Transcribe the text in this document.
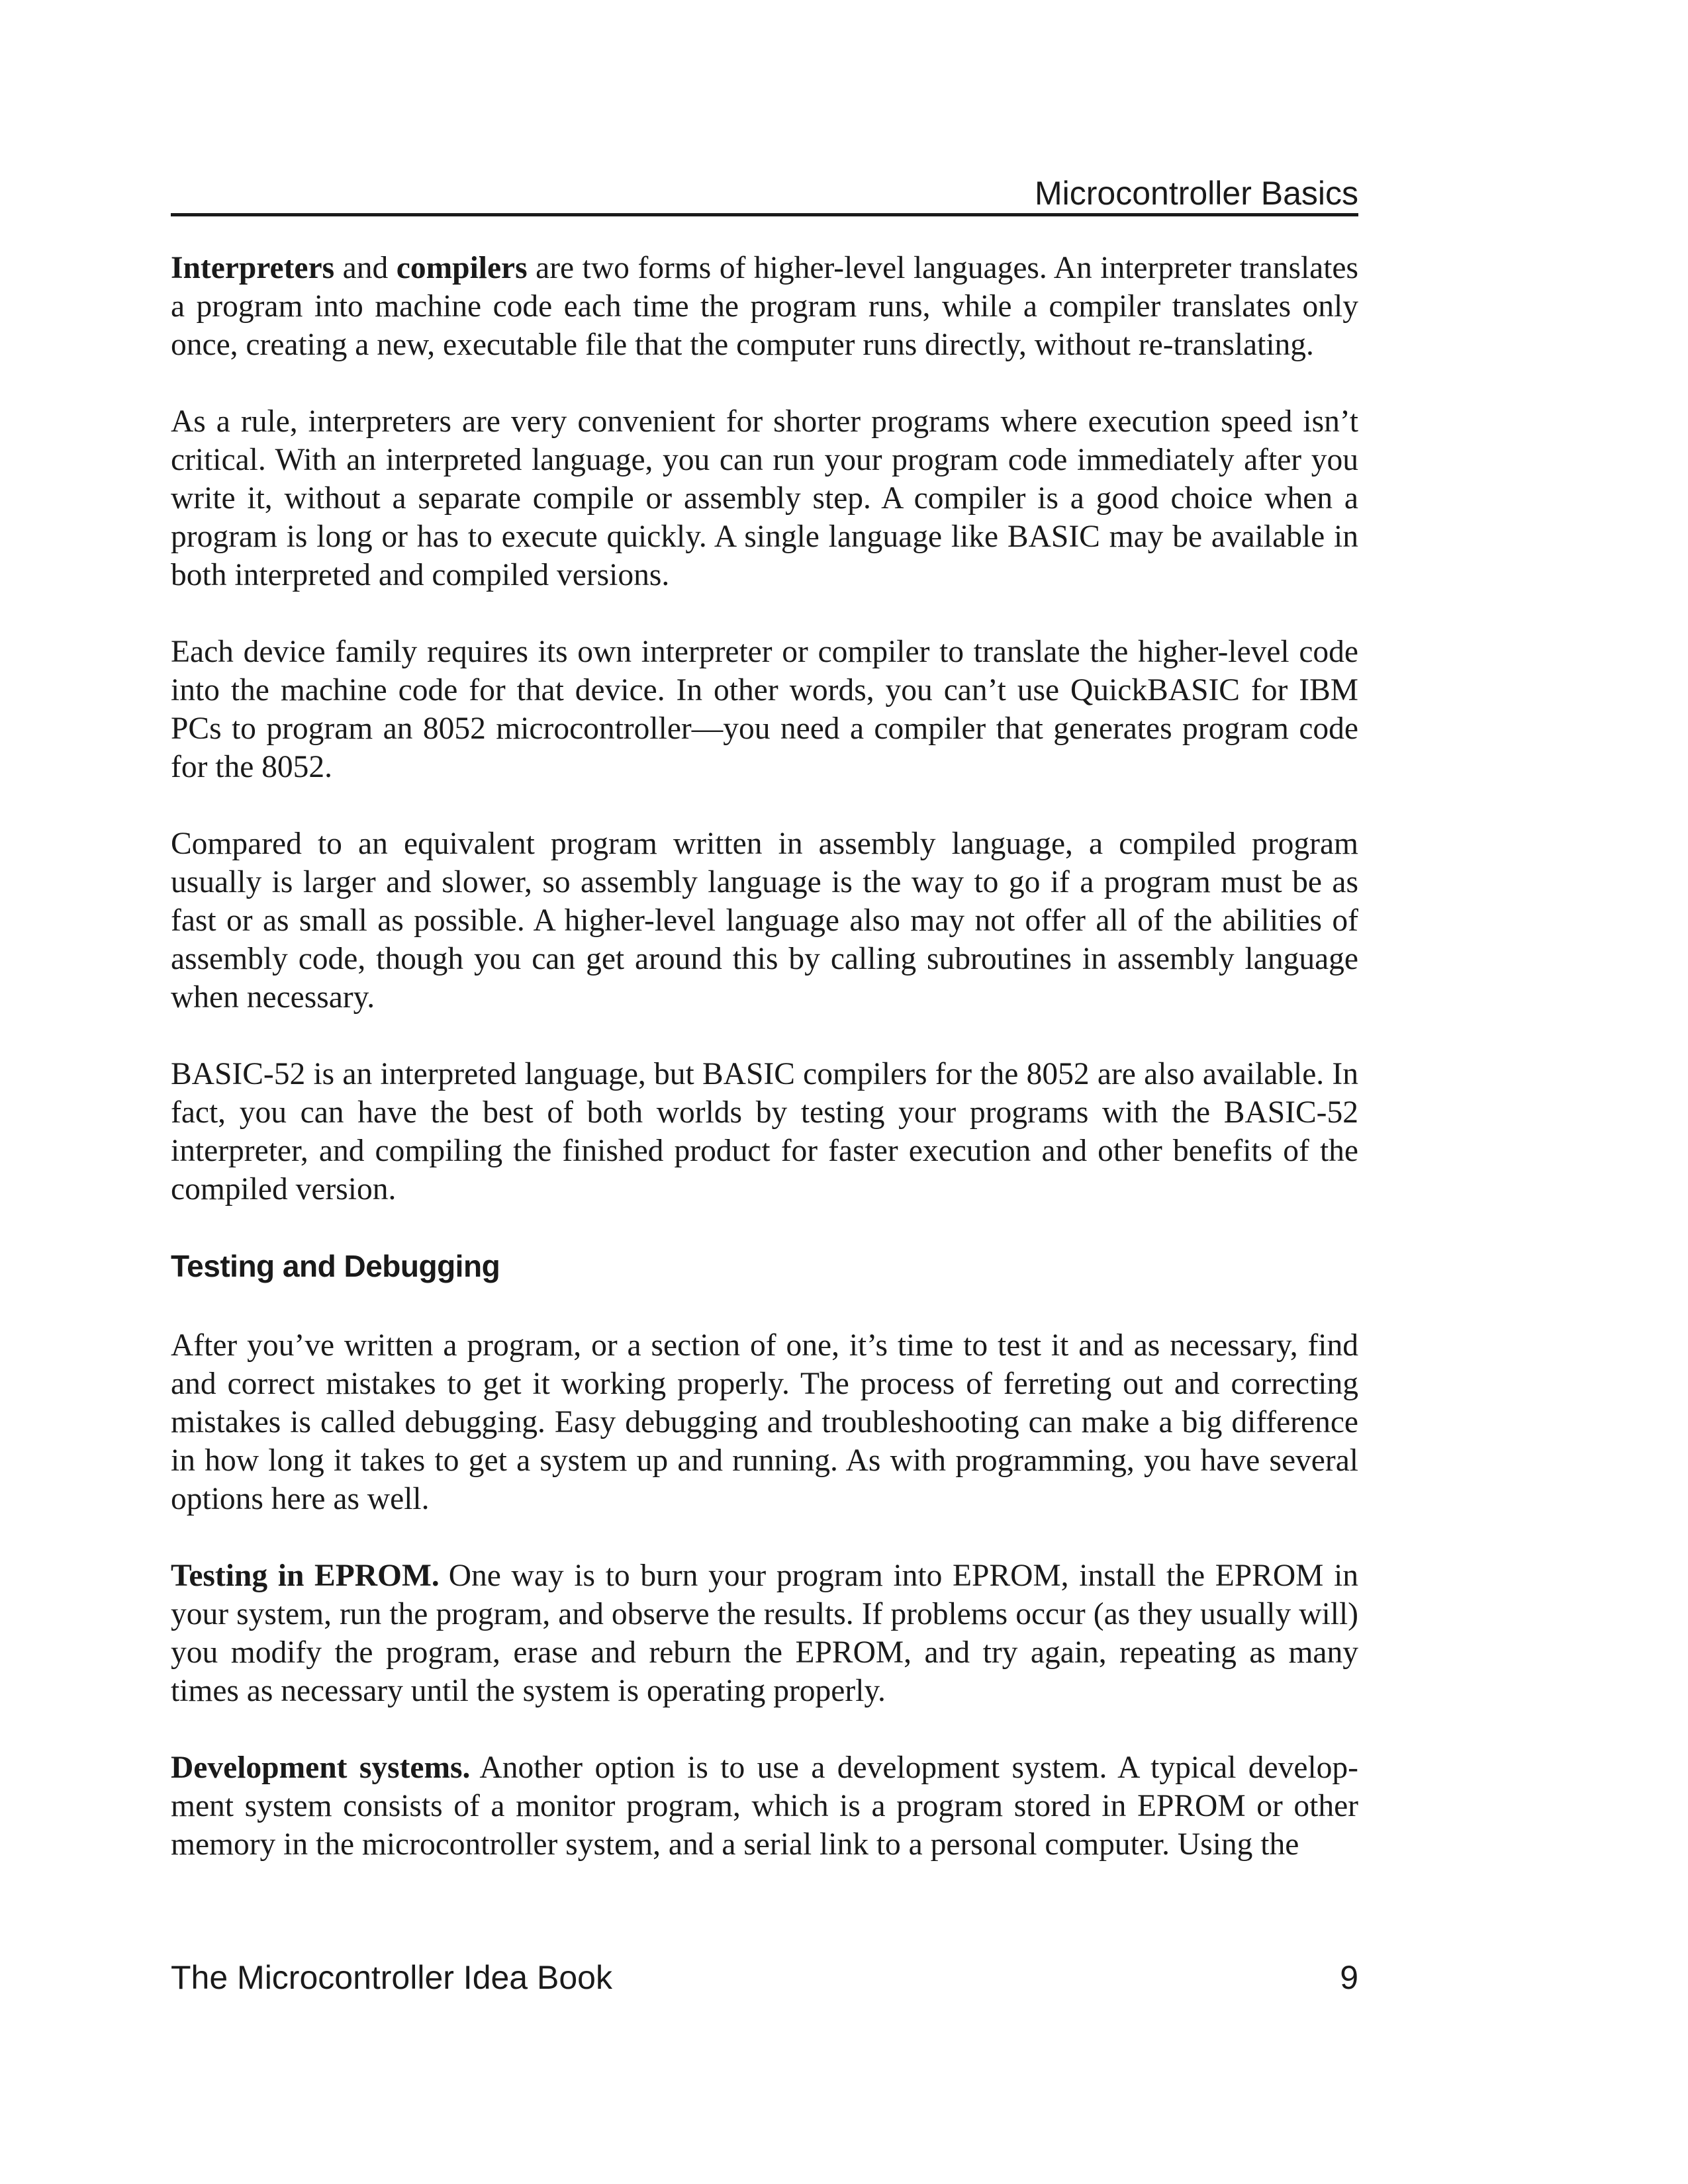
Microcontroller Basics

Interpreters and compilers are two forms of higher-level languages. An interpreter translates a program into machine code each time the program runs, while a compiler translates only once, creating a new, executable file that the computer runs directly, without re-translating.

As a rule, interpreters are very convenient for shorter programs where execution speed isn’t critical. With an interpreted language, you can run your program code immediately after you write it, without a separate compile or assembly step. A compiler is a good choice when a program is long or has to execute quickly. A single language like BASIC may be available in both interpreted and compiled versions.

Each device family requires its own interpreter or compiler to translate the higher-level code into the machine code for that device. In other words, you can’t use QuickBASIC for IBM PCs to program an 8052 microcontroller—you need a compiler that generates program code for the 8052.

Compared to an equivalent program written in assembly language, a compiled program usually is larger and slower, so assembly language is the way to go if a program must be as fast or as small as possible. A higher-level language also may not offer all of the abilities of assembly code, though you can get around this by calling subroutines in assembly language when necessary.

BASIC-52 is an interpreted language, but BASIC compilers for the 8052 are also available. In fact, you can have the best of both worlds by testing your programs with the BASIC-52 interpreter, and compiling the finished product for faster execution and other benefits of the compiled version.

Testing and Debugging

After you’ve written a program, or a section of one, it’s time to test it and as necessary, find and correct mistakes to get it working properly. The process of ferreting out and correcting mistakes is called debugging. Easy debugging and troubleshooting can make a big difference in how long it takes to get a system up and running. As with programming, you have several options here as well.

Testing in EPROM. One way is to burn your program into EPROM, install the EPROM in your system, run the program, and observe the results. If problems occur (as they usually will) you modify the program, erase and reburn the EPROM, and try again, repeating as many times as necessary until the system is operating properly.

Development systems. Another option is to use a development system. A typical development system consists of a monitor program, which is a program stored in EPROM or other memory in the microcontroller system, and a serial link to a personal computer. Using the

The Microcontroller Idea Book	9
